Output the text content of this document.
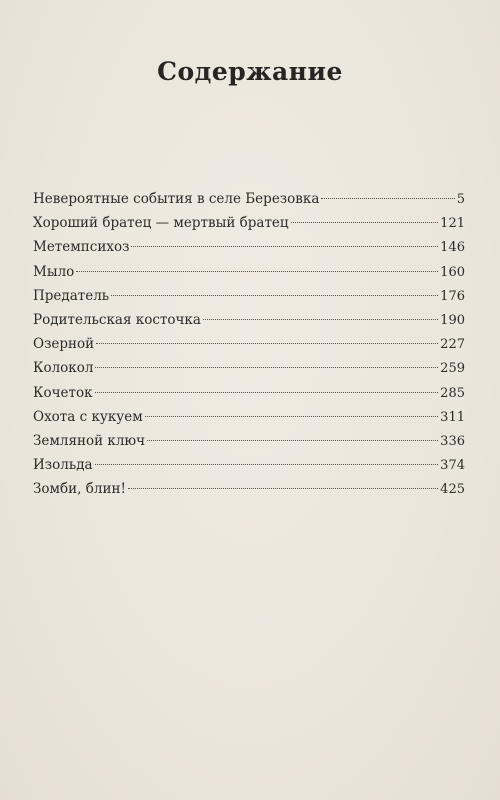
Содержание
Невероятные события в селе Березовка	5
Хороший братец — мертвый братец	121
Метемпсихоз	146
Мыло	160
Предатель	176
Родительская косточка	190
Озерной	227
Колокол	259
Кочеток	285
Охота с кукуем	311
Земляной ключ	336
Изольда	374
Зомби, блин!	425
